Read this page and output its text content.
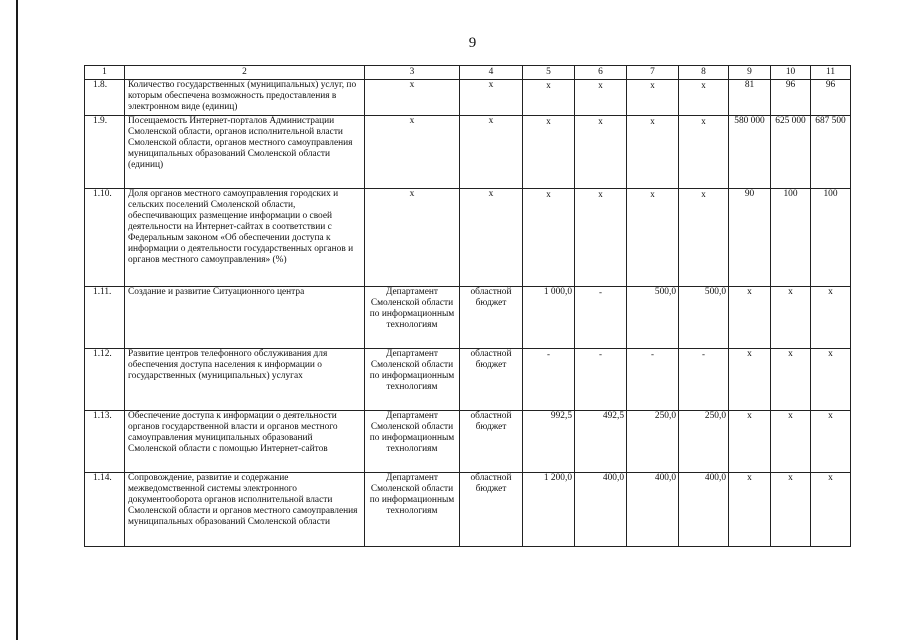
9
1	2	3	4	5	6	7	8	9	10	11
1.8.	Количество государственных (муниципальных) услуг, по которым обеспечена возможность предоставления в электронном виде (единиц)	х	х	х	х	х	х	81	96	96
1.9.	Посещаемость Интернет-порталов Администрации Смоленской области, органов исполнительной власти Смоленской области, органов местного самоуправления муниципальных образований Смоленской области (единиц)	х	х	х	х	х	х	580 000	625 000	687 500
1.10.	Доля органов местного самоуправления городских и сельских поселений Смоленской области, обеспечивающих размещение информации о своей деятельности на Интернет-сайтах в соответствии с Федеральным законом «Об обеспечении доступа к информации о деятельности государственных органов и органов местного самоуправления» (%)	х	х	х	х	х	х	90	100	100
1.11.	Создание и развитие Ситуационного центра	Департамент Смоленской области по информационным технологиям	областной бюджет	1 000,0	-	500,0	500,0	х	х	х
1.12.	Развитие центров телефонного обслуживания для обеспечения доступа населения к информации о государственных (муниципальных) услугах	Департамент Смоленской области по информационным технологиям	областной бюджет	-	-	-	-	х	х	х
1.13.	Обеспечение доступа к информации о деятельности органов государственной власти и органов местного самоуправления муниципальных образований Смоленской области с помощью Интернет-сайтов	Департамент Смоленской области по информационным технологиям	областной бюджет	992,5	492,5	250,0	250,0	х	х	х
1.14.	Сопровождение, развитие и содержание межведомственной системы электронного документооборота органов исполнительной власти Смоленской области и органов местного самоуправления муниципальных образований Смоленской области	Департамент Смоленской области по информационным технологиям	областной бюджет	1 200,0	400,0	400,0	400,0	х	х	х
